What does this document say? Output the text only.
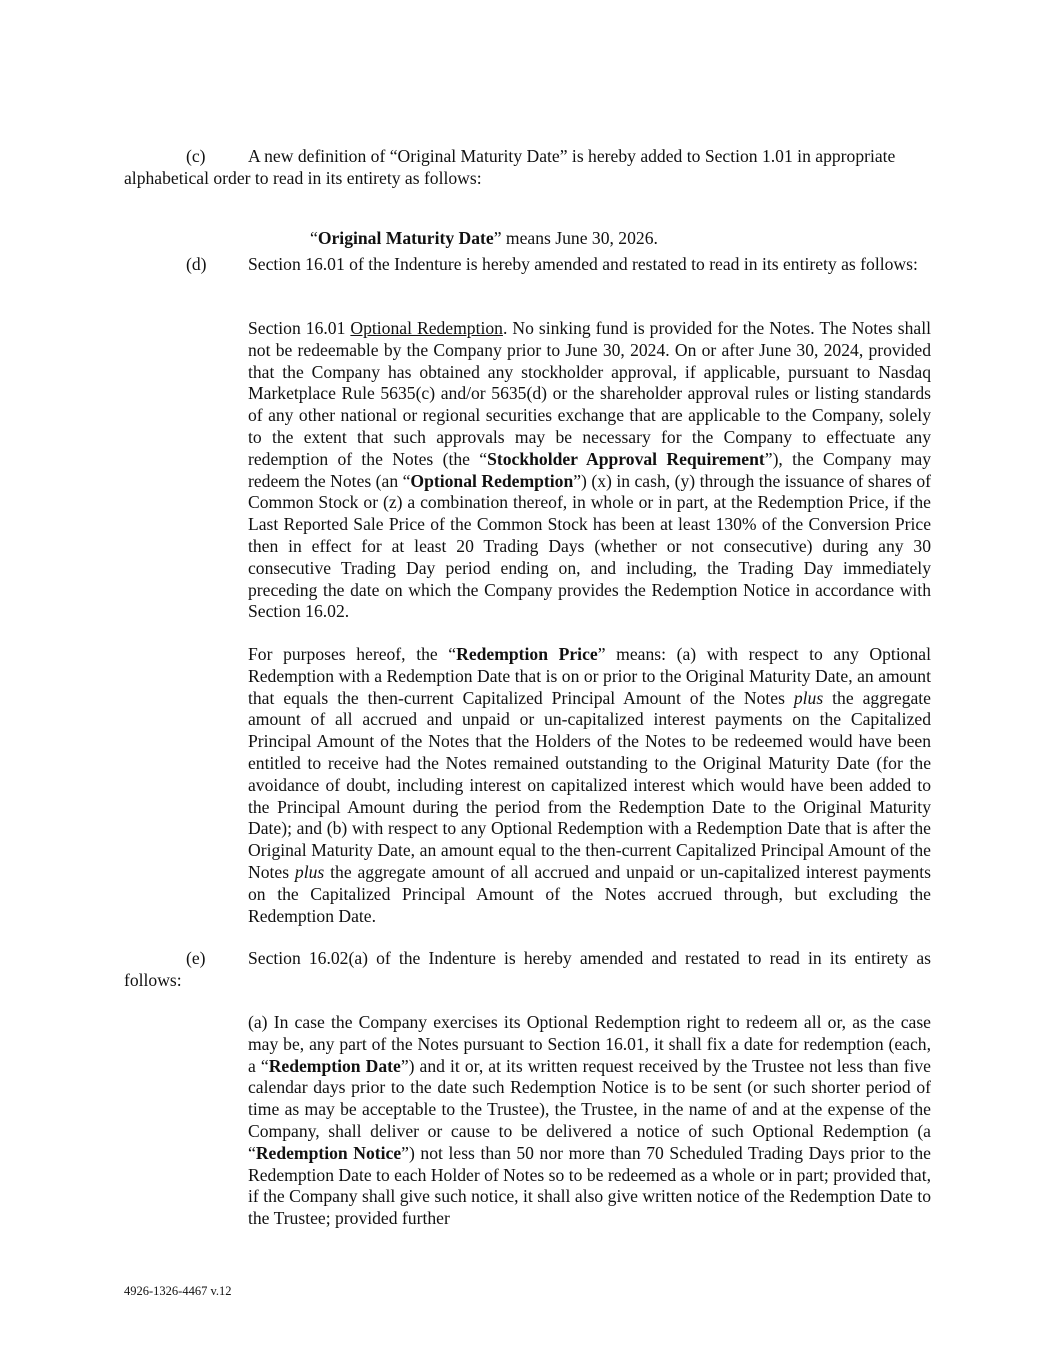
(c) A new definition of “Original Maturity Date” is hereby added to Section 1.01 in appropriate alphabetical order to read in its entirety as follows:

“Original Maturity Date” means June 30, 2026.

(d) Section 16.01 of the Indenture is hereby amended and restated to read in its entirety as follows:

Section 16.01 Optional Redemption. No sinking fund is provided for the Notes. The Notes shall not be redeemable by the Company prior to June 30, 2024. On or after June 30, 2024, provided that the Company has obtained any stockholder approval, if applicable, pursuant to Nasdaq Marketplace Rule 5635(c) and/or 5635(d) or the shareholder approval rules or listing standards of any other national or regional securities exchange that are applicable to the Company, solely to the extent that such approvals may be necessary for the Company to effectuate any redemption of the Notes (the “Stockholder Approval Requirement”), the Company may redeem the Notes (an “Optional Redemption”) (x) in cash, (y) through the issuance of shares of Common Stock or (z) a combination thereof, in whole or in part, at the Redemption Price, if the Last Reported Sale Price of the Common Stock has been at least 130% of the Conversion Price then in effect for at least 20 Trading Days (whether or not consecutive) during any 30 consecutive Trading Day period ending on, and including, the Trading Day immediately preceding the date on which the Company provides the Redemption Notice in accordance with Section 16.02.

For purposes hereof, the “Redemption Price” means: (a) with respect to any Optional Redemption with a Redemption Date that is on or prior to the Original Maturity Date, an amount that equals the then-current Capitalized Principal Amount of the Notes plus the aggregate amount of all accrued and unpaid or un-capitalized interest payments on the Capitalized Principal Amount of the Notes that the Holders of the Notes to be redeemed would have been entitled to receive had the Notes remained outstanding to the Original Maturity Date (for the avoidance of doubt, including interest on capitalized interest which would have been added to the Principal Amount during the period from the Redemption Date to the Original Maturity Date); and (b) with respect to any Optional Redemption with a Redemption Date that is after the Original Maturity Date, an amount equal to the then-current Capitalized Principal Amount of the Notes plus the aggregate amount of all accrued and unpaid or un-capitalized interest payments on the Capitalized Principal Amount of the Notes accrued through, but excluding the Redemption Date.

(e) Section 16.02(a) of the Indenture is hereby amended and restated to read in its entirety as follows:

(a) In case the Company exercises its Optional Redemption right to redeem all or, as the case may be, any part of the Notes pursuant to Section 16.01, it shall fix a date for redemption (each, a “Redemption Date”) and it or, at its written request received by the Trustee not less than five calendar days prior to the date such Redemption Notice is to be sent (or such shorter period of time as may be acceptable to the Trustee), the Trustee, in the name of and at the expense of the Company, shall deliver or cause to be delivered a notice of such Optional Redemption (a “Redemption Notice”) not less than 50 nor more than 70 Scheduled Trading Days prior to the Redemption Date to each Holder of Notes so to be redeemed as a whole or in part; provided that, if the Company shall give such notice, it shall also give written notice of the Redemption Date to the Trustee; provided further

4926-1326-4467 v.12
